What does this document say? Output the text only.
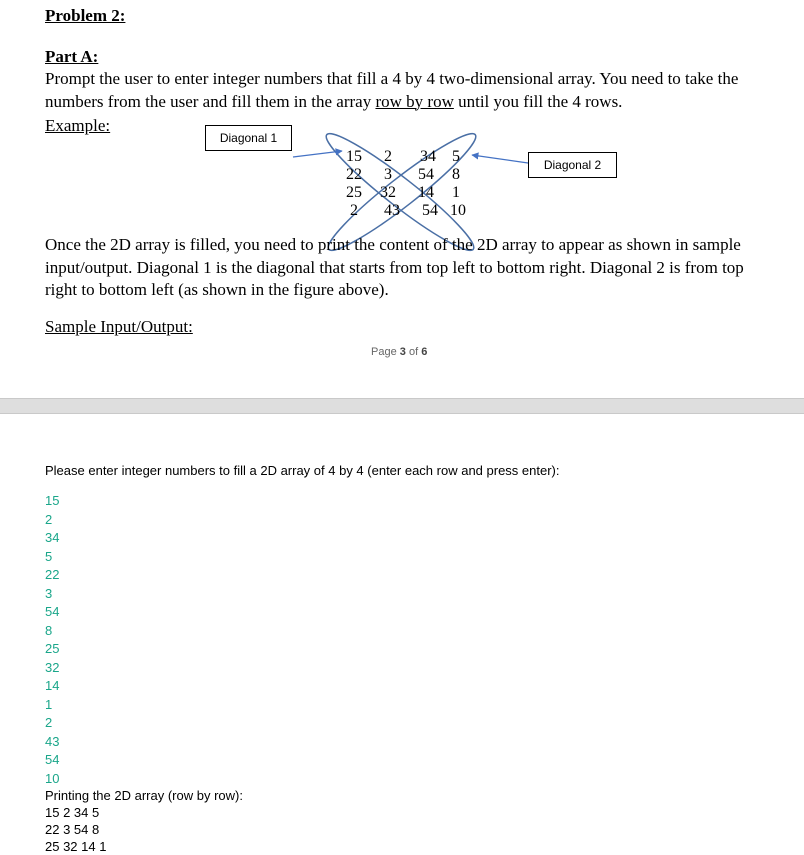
Problem 2:
Part A:
Prompt the user to enter integer numbers that fill a 4 by 4 two-dimensional array. You need to take the numbers from the user and fill them in the array row by row until you fill the 4 rows.
Example:
Diagonal 1
Diagonal 2
15 2 34 5
22 3 54 8
25 32 14 1
2 43 54 10
Once the 2D array is filled, you need to print the content of the 2D array to appear as shown in sample input/output. Diagonal 1 is the diagonal that starts from top left to bottom right. Diagonal 2 is from top right to bottom left (as shown in the figure above).
Sample Input/Output:
Page 3 of 6
Please enter integer numbers to fill a 2D array of 4 by 4 (enter each row and press enter):
15
2
34
5
22
3
54
8
25
32
14
1
2
43
54
10
Printing the 2D array (row by row):
15 2 34 5
22 3 54 8
25 32 14 1
